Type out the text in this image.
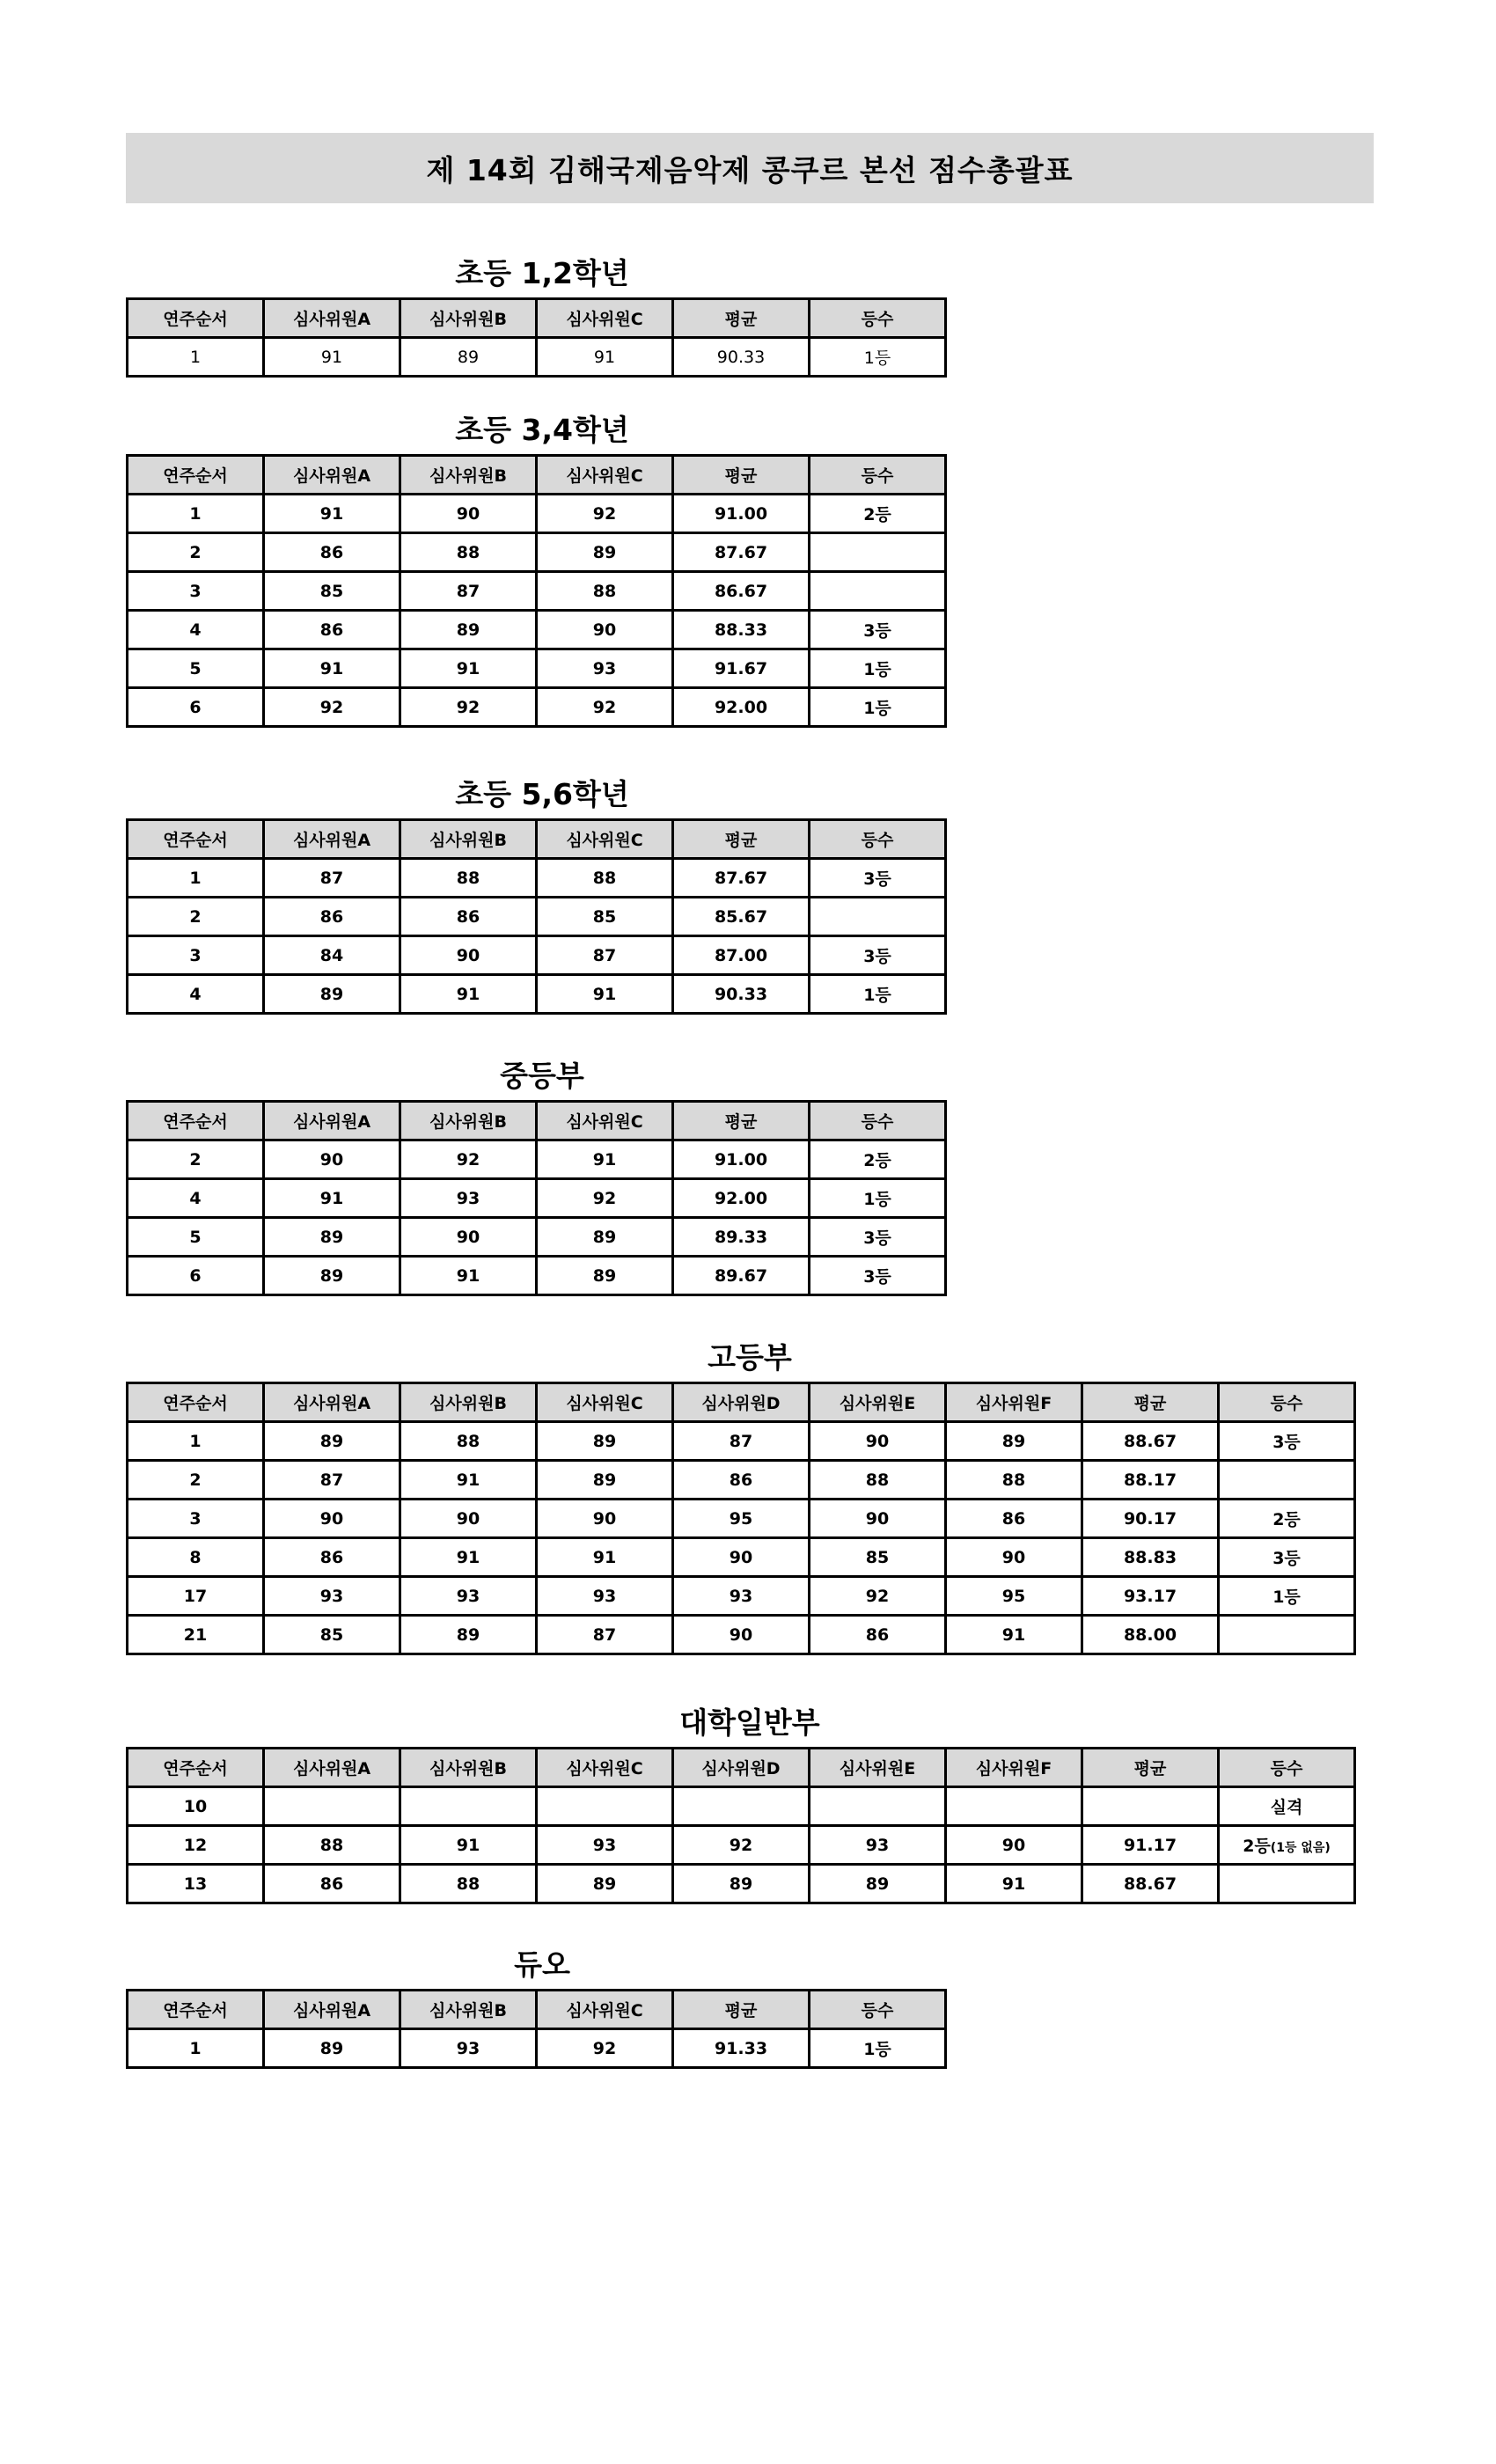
제 14회 김해국제음악제 콩쿠르 본선 점수총괄표
초등 1,2학년
연주순서	심사위원A	심사위원B	심사위원C	평균	등수
1	91	89	91	90.33	1등
초등 3,4학년
연주순서	심사위원A	심사위원B	심사위원C	평균	등수
1	91	90	92	91.00	2등
2	86	88	89	87.67	
3	85	87	88	86.67	
4	86	89	90	88.33	3등
5	91	91	93	91.67	1등
6	92	92	92	92.00	1등
초등 5,6학년
연주순서	심사위원A	심사위원B	심사위원C	평균	등수
1	87	88	88	87.67	3등
2	86	86	85	85.67	
3	84	90	87	87.00	3등
4	89	91	91	90.33	1등
중등부
연주순서	심사위원A	심사위원B	심사위원C	평균	등수
2	90	92	91	91.00	2등
4	91	93	92	92.00	1등
5	89	90	89	89.33	3등
6	89	91	89	89.67	3등
고등부
연주순서	심사위원A	심사위원B	심사위원C	심사위원D	심사위원E	심사위원F	평균	등수
1	89	88	89	87	90	89	88.67	3등
2	87	91	89	86	88	88	88.17	
3	90	90	90	95	90	86	90.17	2등
8	86	91	91	90	85	90	88.83	3등
17	93	93	93	93	92	95	93.17	1등
21	85	89	87	90	86	91	88.00	
대학일반부
연주순서	심사위원A	심사위원B	심사위원C	심사위원D	심사위원E	심사위원F	평균	등수
10								실격
12	88	91	93	92	93	90	91.17	2등(1등 없음)
13	86	88	89	89	89	91	88.67	
듀오
연주순서	심사위원A	심사위원B	심사위원C	평균	등수
1	89	93	92	91.33	1등
